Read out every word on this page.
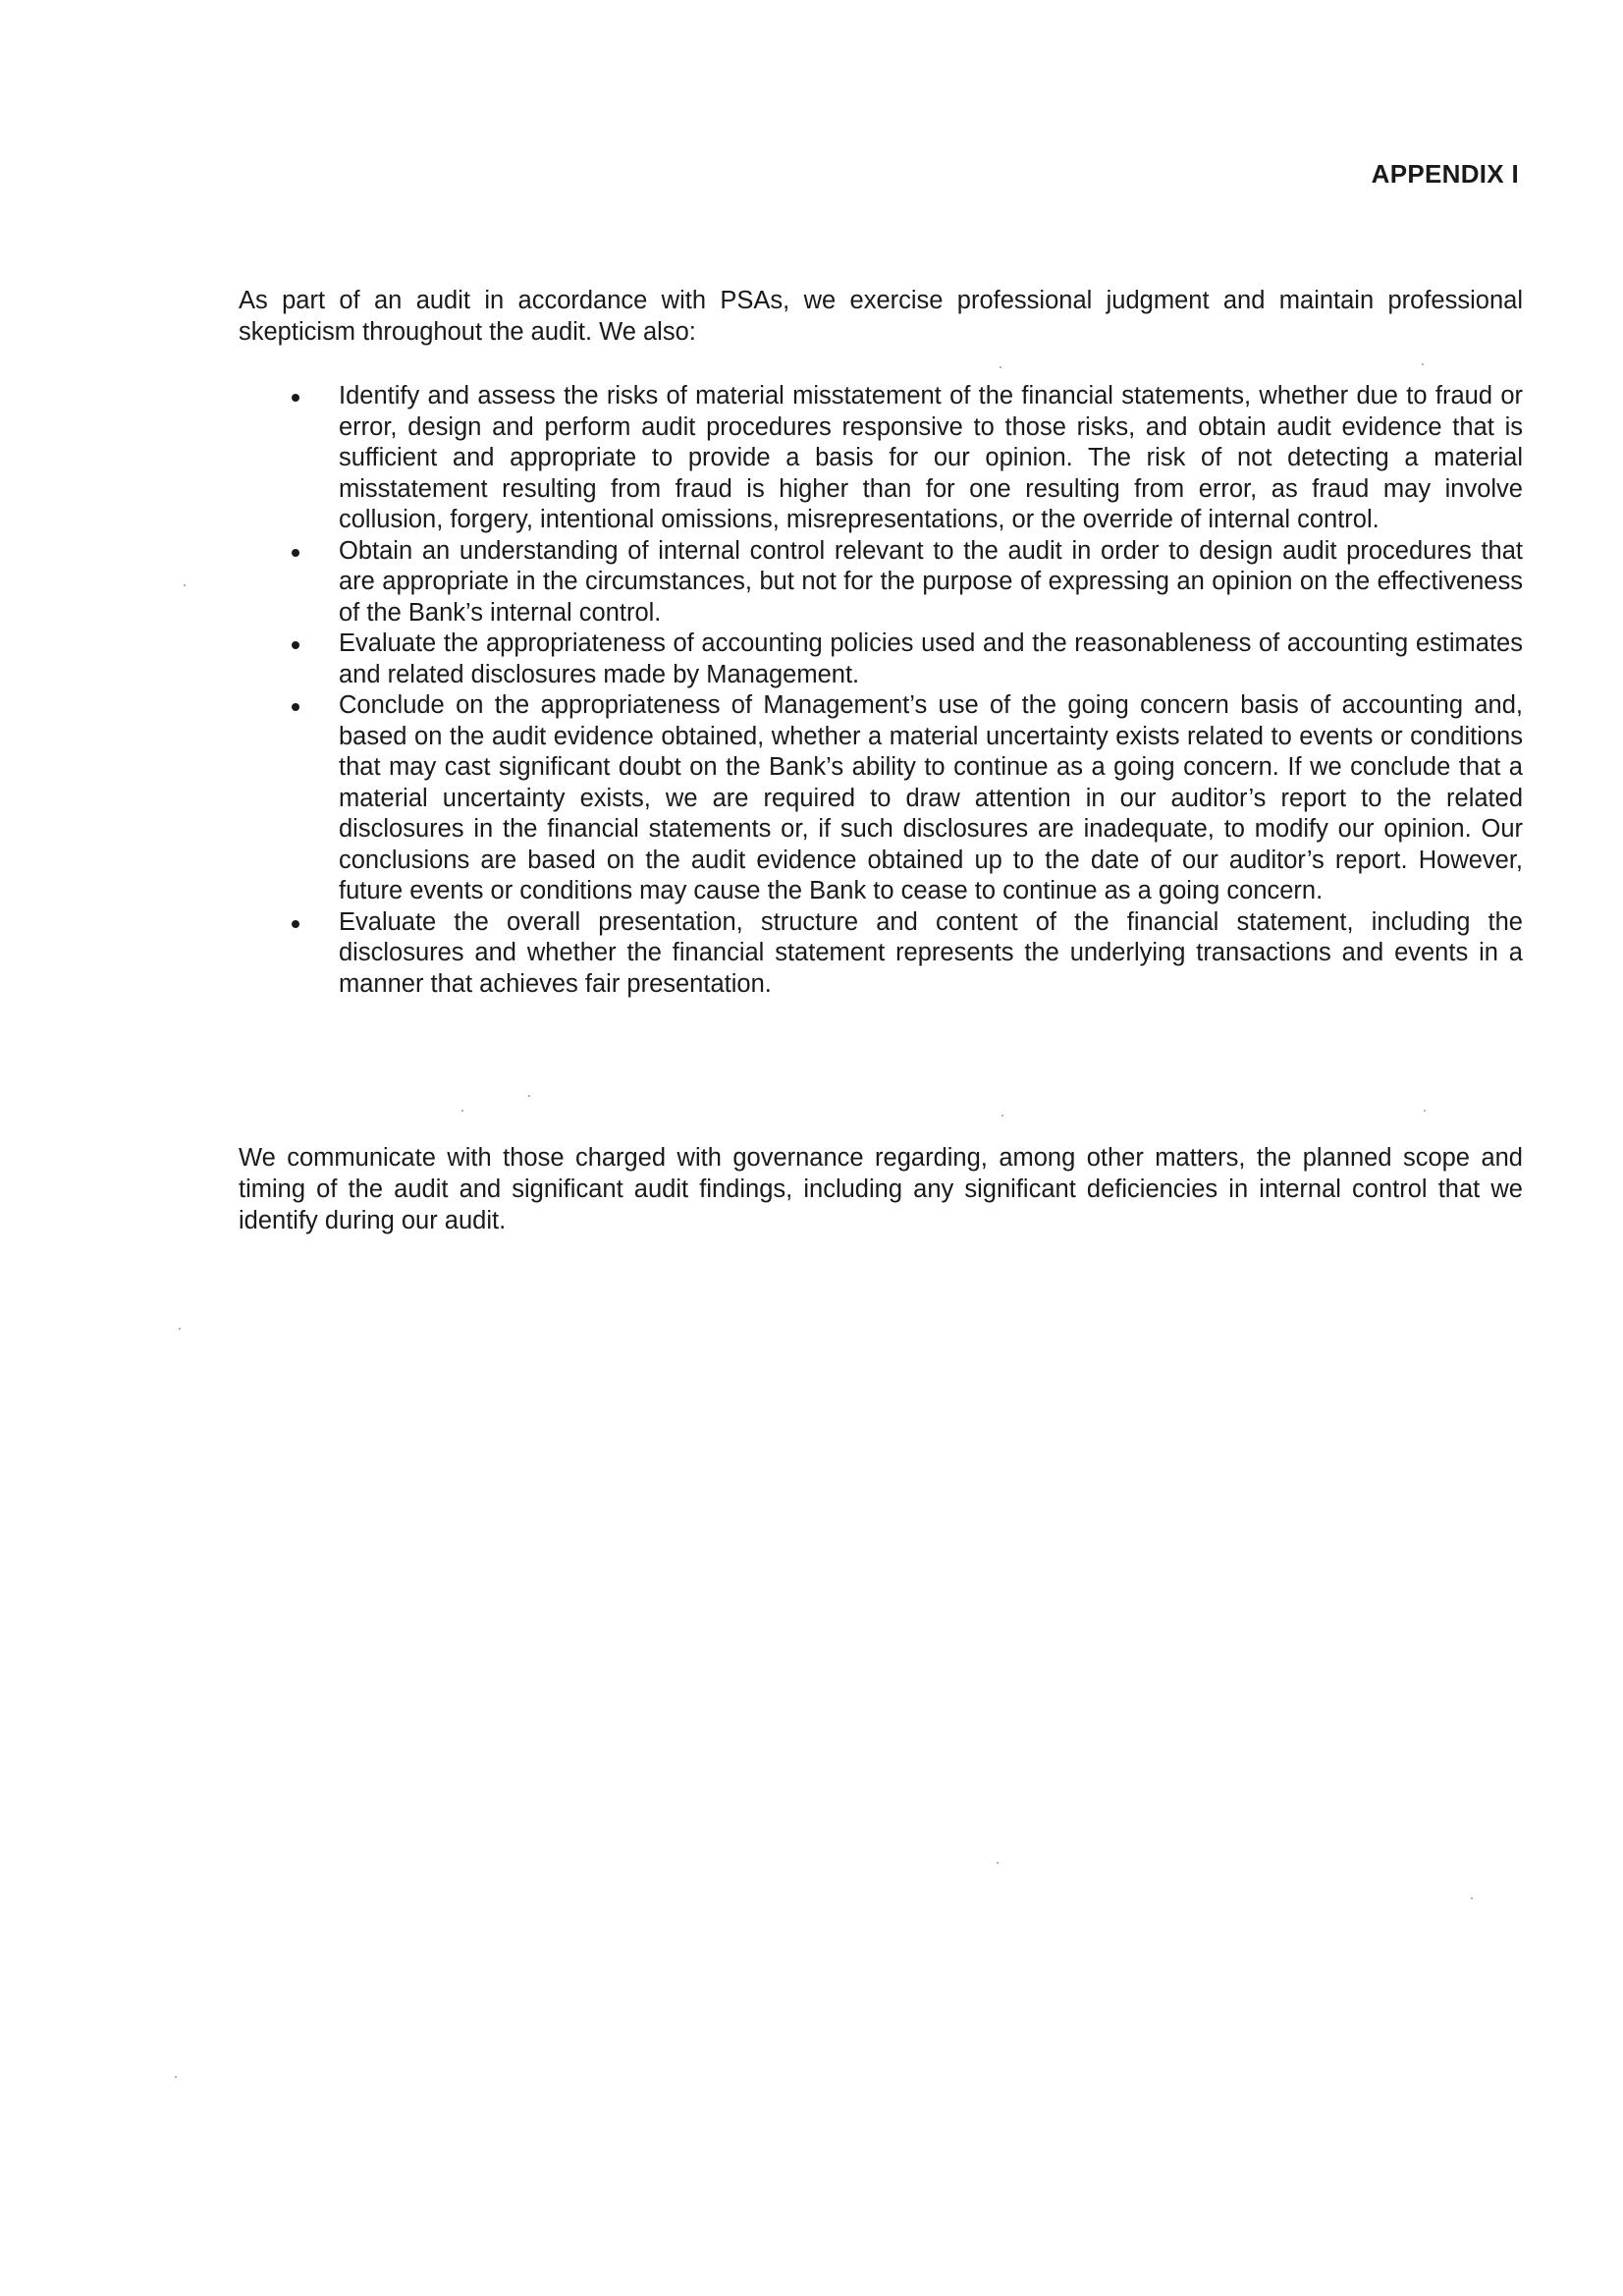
APPENDIX I

As part of an audit in accordance with PSAs, we exercise professional judgment and maintain professional skepticism throughout the audit. We also:

Identify and assess the risks of material misstatement of the financial statements, whether due to fraud or error, design and perform audit procedures responsive to those risks, and obtain audit evidence that is sufficient and appropriate to provide a basis for our opinion. The risk of not detecting a material misstatement resulting from fraud is higher than for one resulting from error, as fraud may involve collusion, forgery, intentional omissions, misrepresentations, or the override of internal control.
Obtain an understanding of internal control relevant to the audit in order to design audit procedures that are appropriate in the circumstances, but not for the purpose of expressing an opinion on the effectiveness of the Bank’s internal control.
Evaluate the appropriateness of accounting policies used and the reasonableness of accounting estimates and related disclosures made by Management.
Conclude on the appropriateness of Management’s use of the going concern basis of accounting and, based on the audit evidence obtained, whether a material uncertainty exists related to events or conditions that may cast significant doubt on the Bank’s ability to continue as a going concern. If we conclude that a material uncertainty exists, we are required to draw attention in our auditor’s report to the related disclosures in the financial statements or, if such disclosures are inadequate, to modify our opinion. Our conclusions are based on the audit evidence obtained up to the date of our auditor’s report. However, future events or conditions may cause the Bank to cease to continue as a going concern.
Evaluate the overall presentation, structure and content of the financial statement, including the disclosures and whether the financial statement represents the underlying transactions and events in a manner that achieves fair presentation.

We communicate with those charged with governance regarding, among other matters, the planned scope and timing of the audit and significant audit findings, including any significant deficiencies in internal control that we identify during our audit.
